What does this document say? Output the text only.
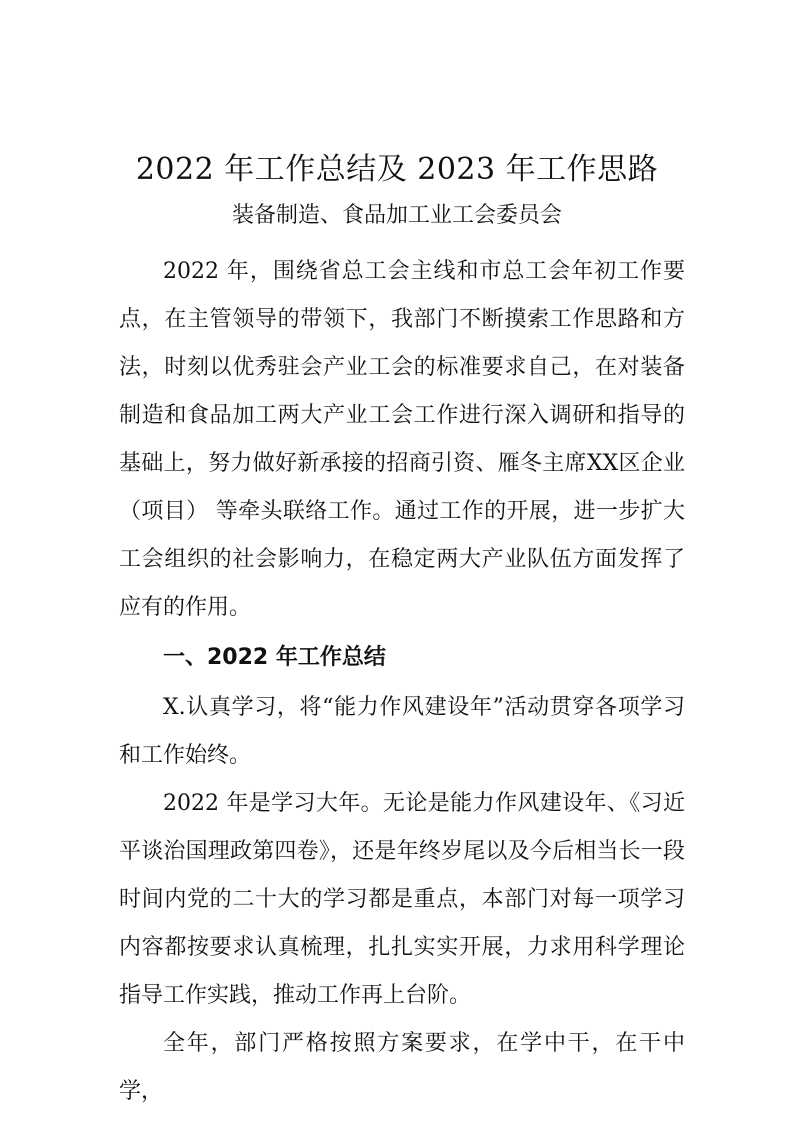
2022 年工作总结及 2023 年工作思路
装备制造、食品加工业工会委员会

2022 年，围绕省总工会主线和市总工会年初工作要点，在主管领导的带领下，我部门不断摸索工作思路和方法，时刻以优秀驻会产业工会的标准要求自己，在对装备制造和食品加工两大产业工会工作进行深入调研和指导的基础上，努力做好新承接的招商引资、雁冬主席XX区企业（项目） 等牵头联络工作。通过工作的开展，进一步扩大工会组织的社会影响力，在稳定两大产业队伍方面发挥了应有的作用。

一、2022 年工作总结

X.认真学习，将“能力作风建设年”活动贯穿各项学习和工作始终。

2022 年是学习大年。无论是能力作风建设年、《习近平谈治国理政第四卷》，还是年终岁尾以及今后相当长一段时间内党的二十大的学习都是重点，本部门对每一项学习内容都按要求认真梳理，扎扎实实开展，力求用科学理论指导工作实践，推动工作再上台阶。

全年，部门严格按照方案要求，在学中干，在干中学，
